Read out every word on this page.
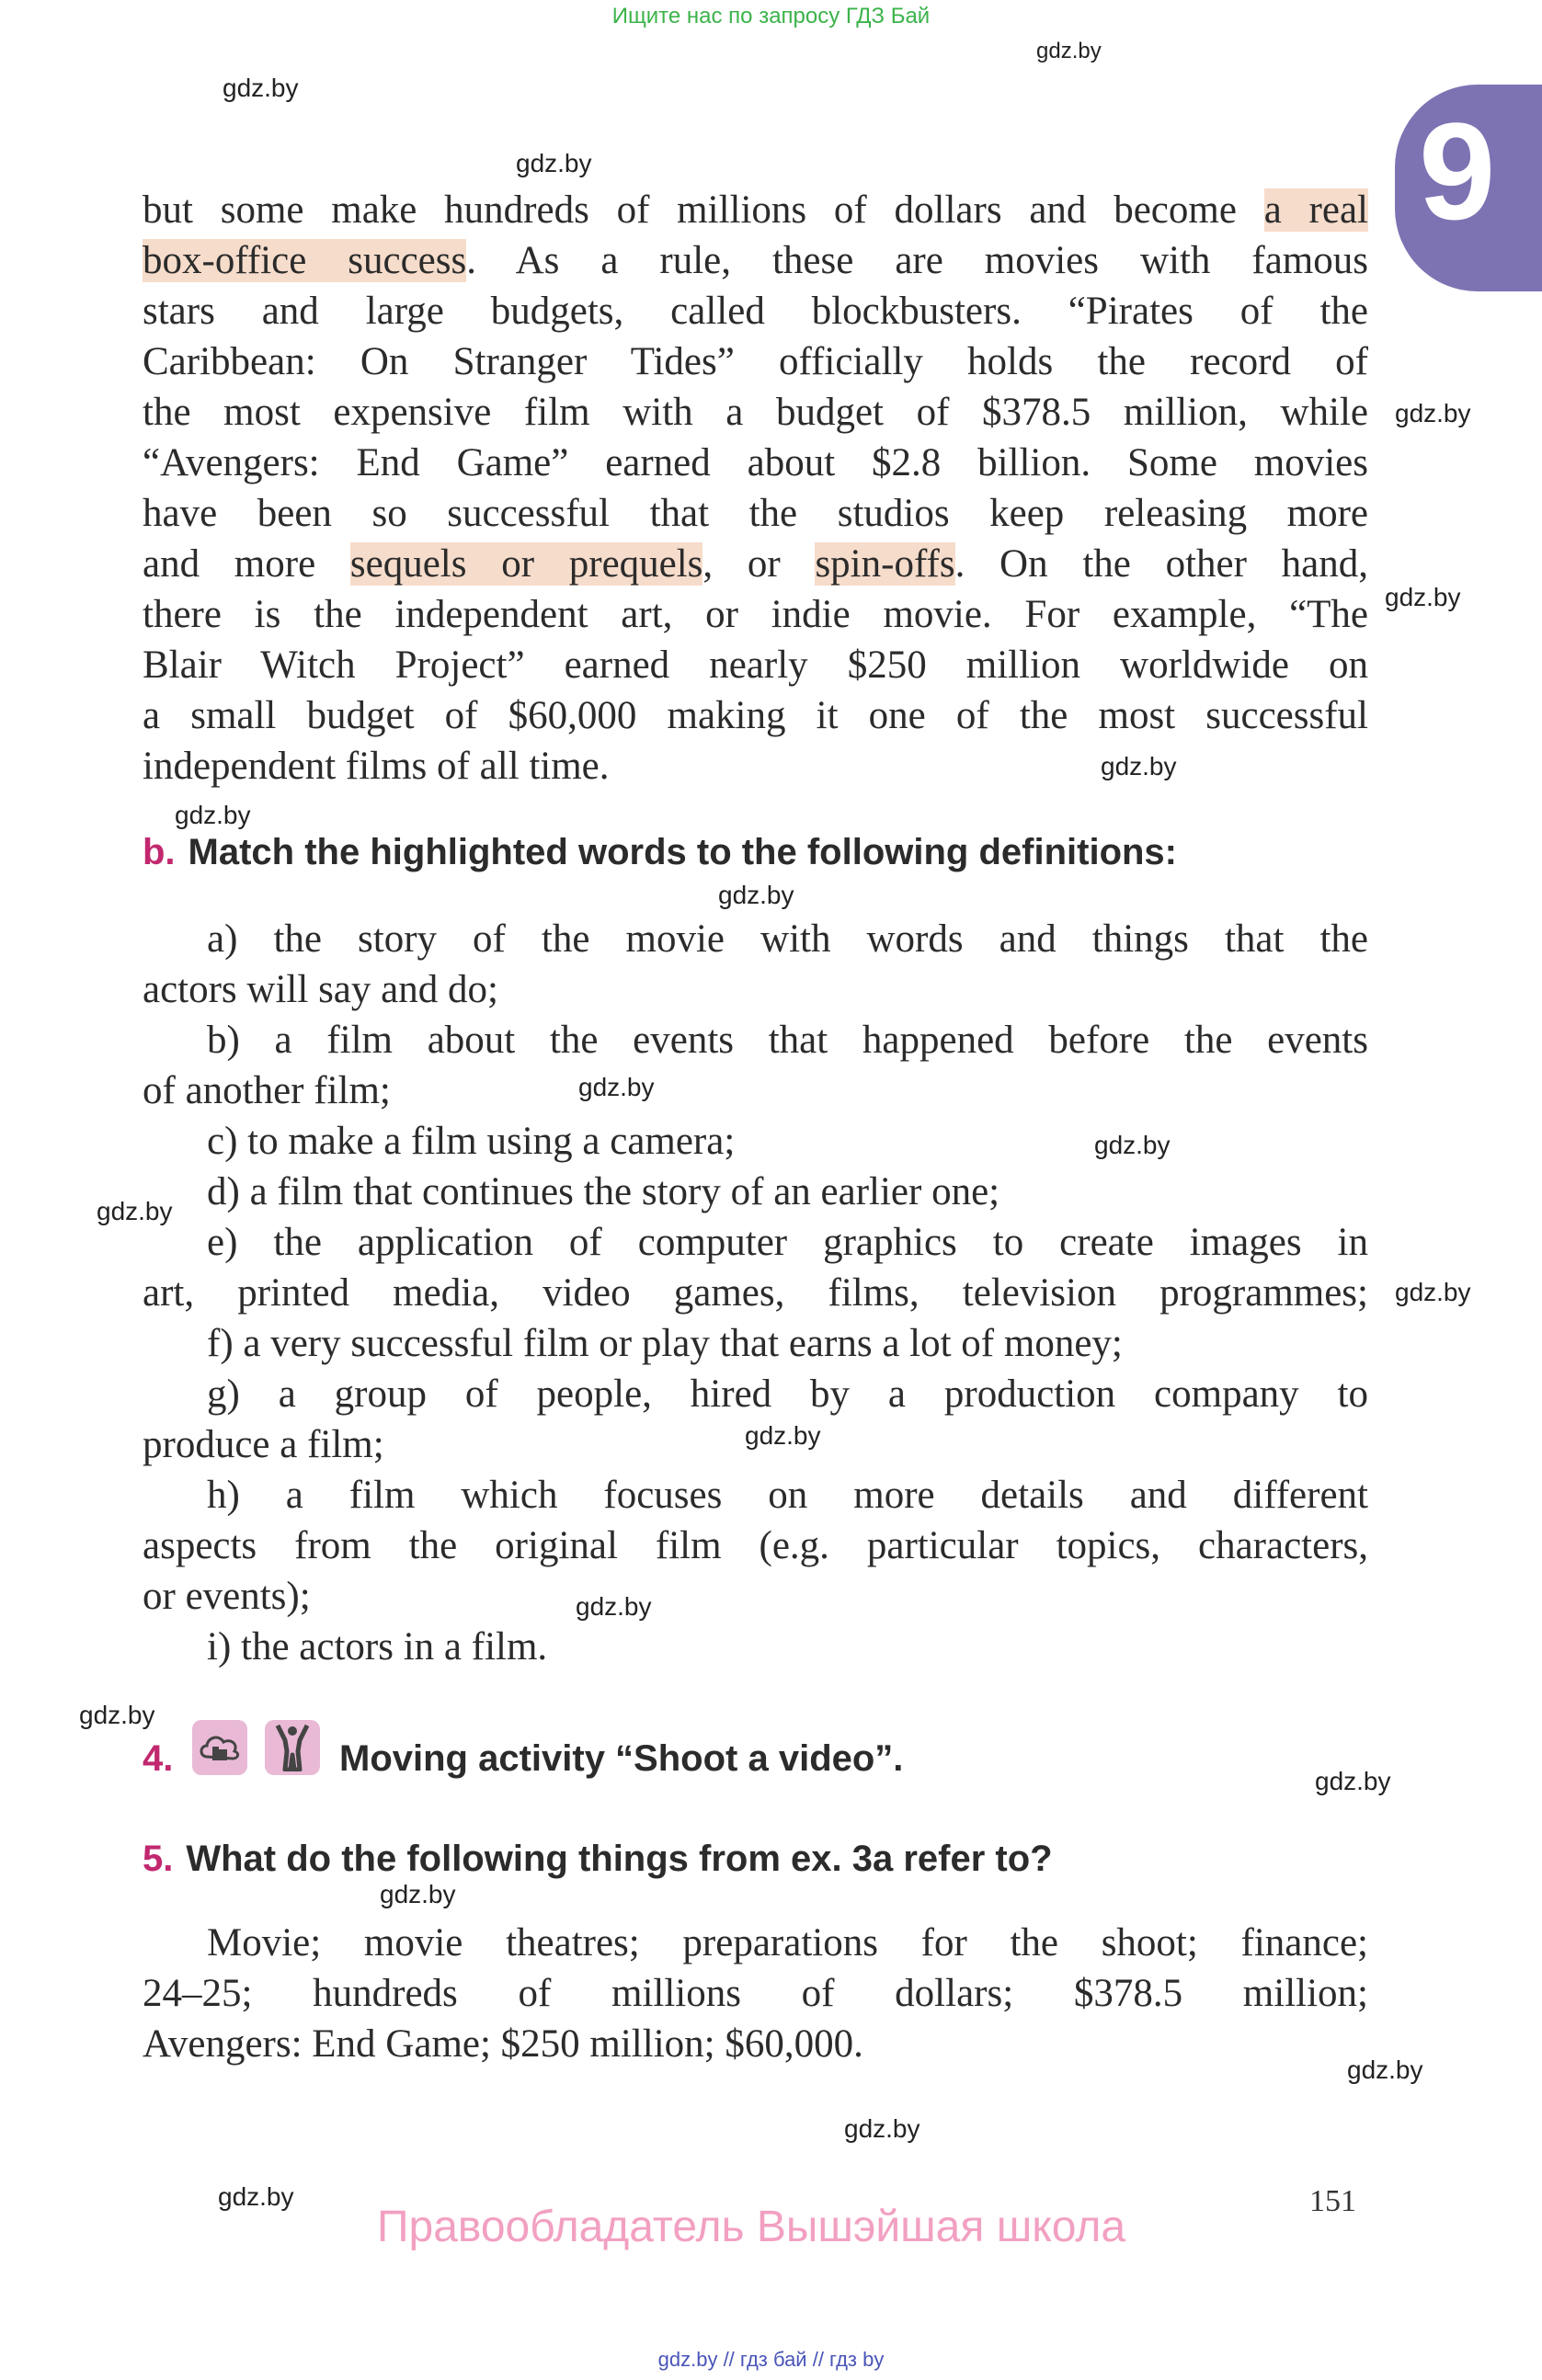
Ищите нас по запросу ГДЗ Бай
gdz.by
gdz.by
gdz.by
gdz.by
gdz.by
gdz.by
gdz.by
gdz.by
gdz.by
gdz.by
gdz.by
gdz.by
gdz.by
gdz.by
gdz.by
gdz.by
gdz.by
gdz.by
gdz.by
gdz.by
9
but some make hundreds of millions of dollars and become a real
box-office success. As a rule, these are movies with famous
stars and large budgets, called blockbusters. “Pirates of the
Caribbean: On Stranger Tides” officially holds the record of
the most expensive film with a budget of $378.5 million, while
“Avengers: End Game” earned about $2.8 billion. Some movies
have been so successful that the studios keep releasing more
and more sequels or prequels, or spin-offs. On the other hand,
there is the independent art, or indie movie. For example, “The
Blair Witch Project” earned nearly $250 million worldwide on
a small budget of $60,000 making it one of the most successful
independent films of all time.
b. Match the highlighted words to the following definitions:
a) the story of the movie with words and things that the
actors will say and do;
b) a film about the events that happened before the events
of another film;
c) to make a film using a camera;
d) a film that continues the story of an earlier one;
e) the application of computer graphics to create images in
art, printed media, video games, films, television programmes;
f) a very successful film or play that earns a lot of money;
g) a group of people, hired by a production company to
produce a film;
h) a film which focuses on more details and different
aspects from the original film (e.g. particular topics, characters,
or events);
i) the actors in a film.
4.	Moving activity “Shoot a video”.
5. What do the following things from ex. 3a refer to?
Movie; movie theatres; preparations for the shoot; finance;
24–25; hundreds of millions of dollars; $378.5 million;
Avengers: End Game; $250 million; $60,000.
151
Правообладатель Вышэйшая школа
gdz.by // гдз бай // гдз by
